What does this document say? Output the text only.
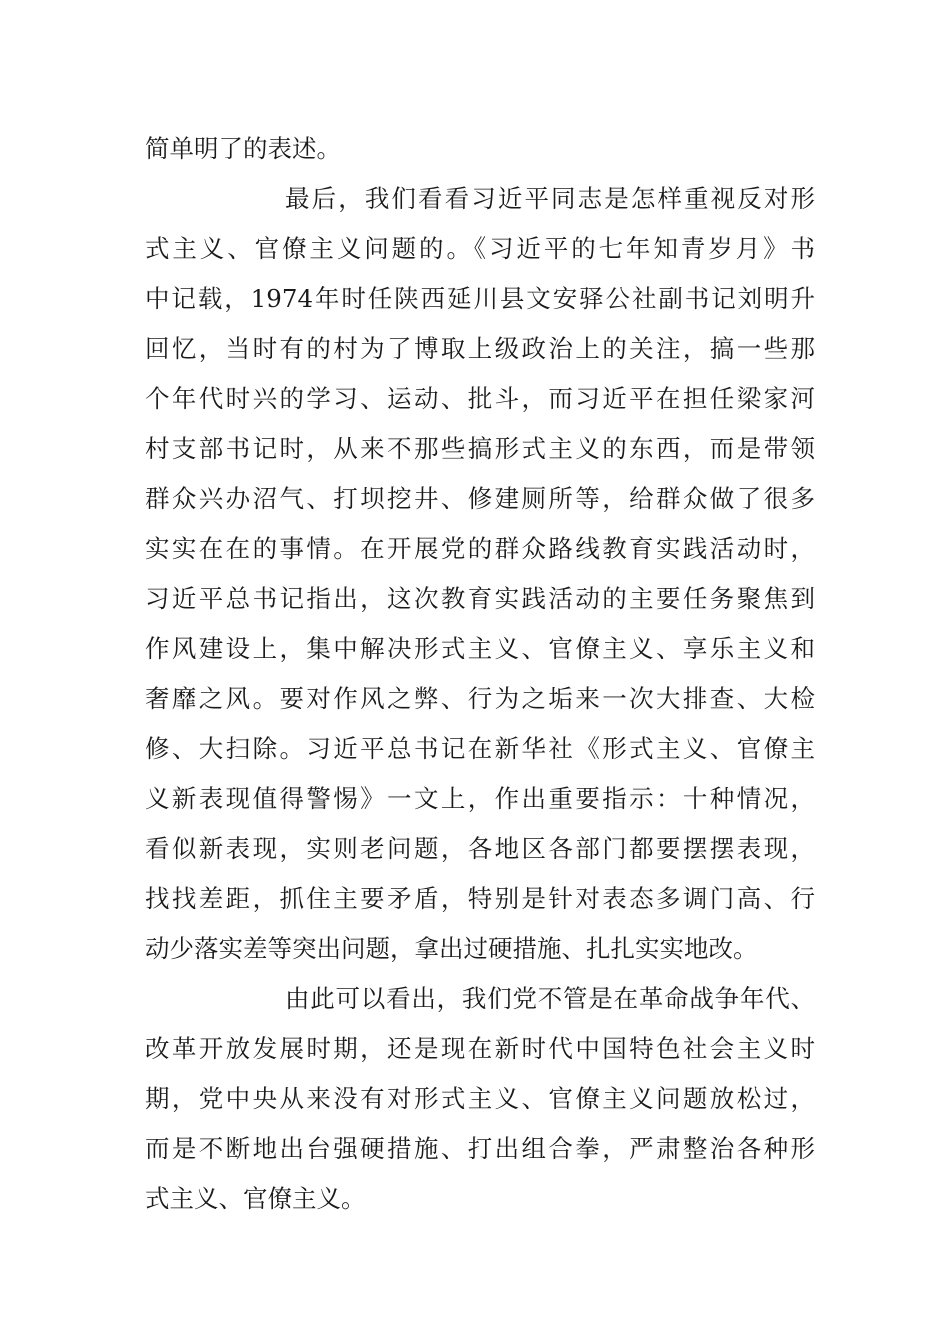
简单明了的表述。
最后，我们看看习近平同志是怎样重视反对形
式主义、官僚主义问题的。《习近平的七年知青岁月》书
中记载，1974年时任陕西延川县文安驿公社副书记刘明升
回忆，当时有的村为了博取上级政治上的关注，搞一些那
个年代时兴的学习、运动、批斗，而习近平在担任梁家河
村支部书记时，从来不那些搞形式主义的东西，而是带领
群众兴办沼气、打坝挖井、修建厕所等，给群众做了很多
实实在在的事情。在开展党的群众路线教育实践活动时，
习近平总书记指出，这次教育实践活动的主要任务聚焦到
作风建设上，集中解决形式主义、官僚主义、享乐主义和
奢靡之风。要对作风之弊、行为之垢来一次大排查、大检
修、大扫除。习近平总书记在新华社《形式主义、官僚主
义新表现值得警惕》一文上，作出重要指示：十种情况，
看似新表现，实则老问题，各地区各部门都要摆摆表现，
找找差距，抓住主要矛盾，特别是针对表态多调门高、行
动少落实差等突出问题，拿出过硬措施、扎扎实实地改。
由此可以看出，我们党不管是在革命战争年代、
改革开放发展时期，还是现在新时代中国特色社会主义时
期，党中央从来没有对形式主义、官僚主义问题放松过，
而是不断地出台强硬措施、打出组合拳，严肃整治各种形
式主义、官僚主义。
